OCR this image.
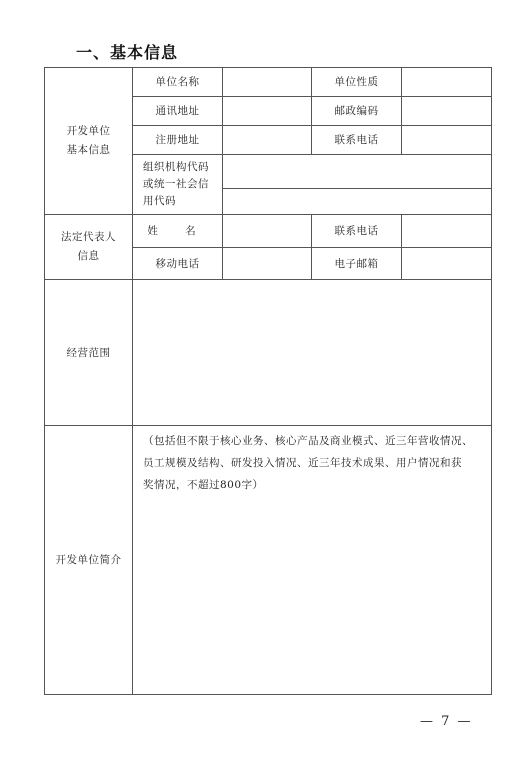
一、基本信息
开发单位
基本信息	单位名称		单位性质	
	通讯地址		邮政编码	
	注册地址		联系电话	

	组织机构代码
或统一社会信
用代码			

法定代表人
信息	姓 名		联系电话	
	移动电话		电子邮箱	
经营范围				
开发单位简介	（包括但不限于核心业务、核心产品及商业模式、近三年营收情况、
员工规模及结构、研发投入情况、近三年技术成果、用户情况和获
奖情况，不超过800字）			
— 7 —
